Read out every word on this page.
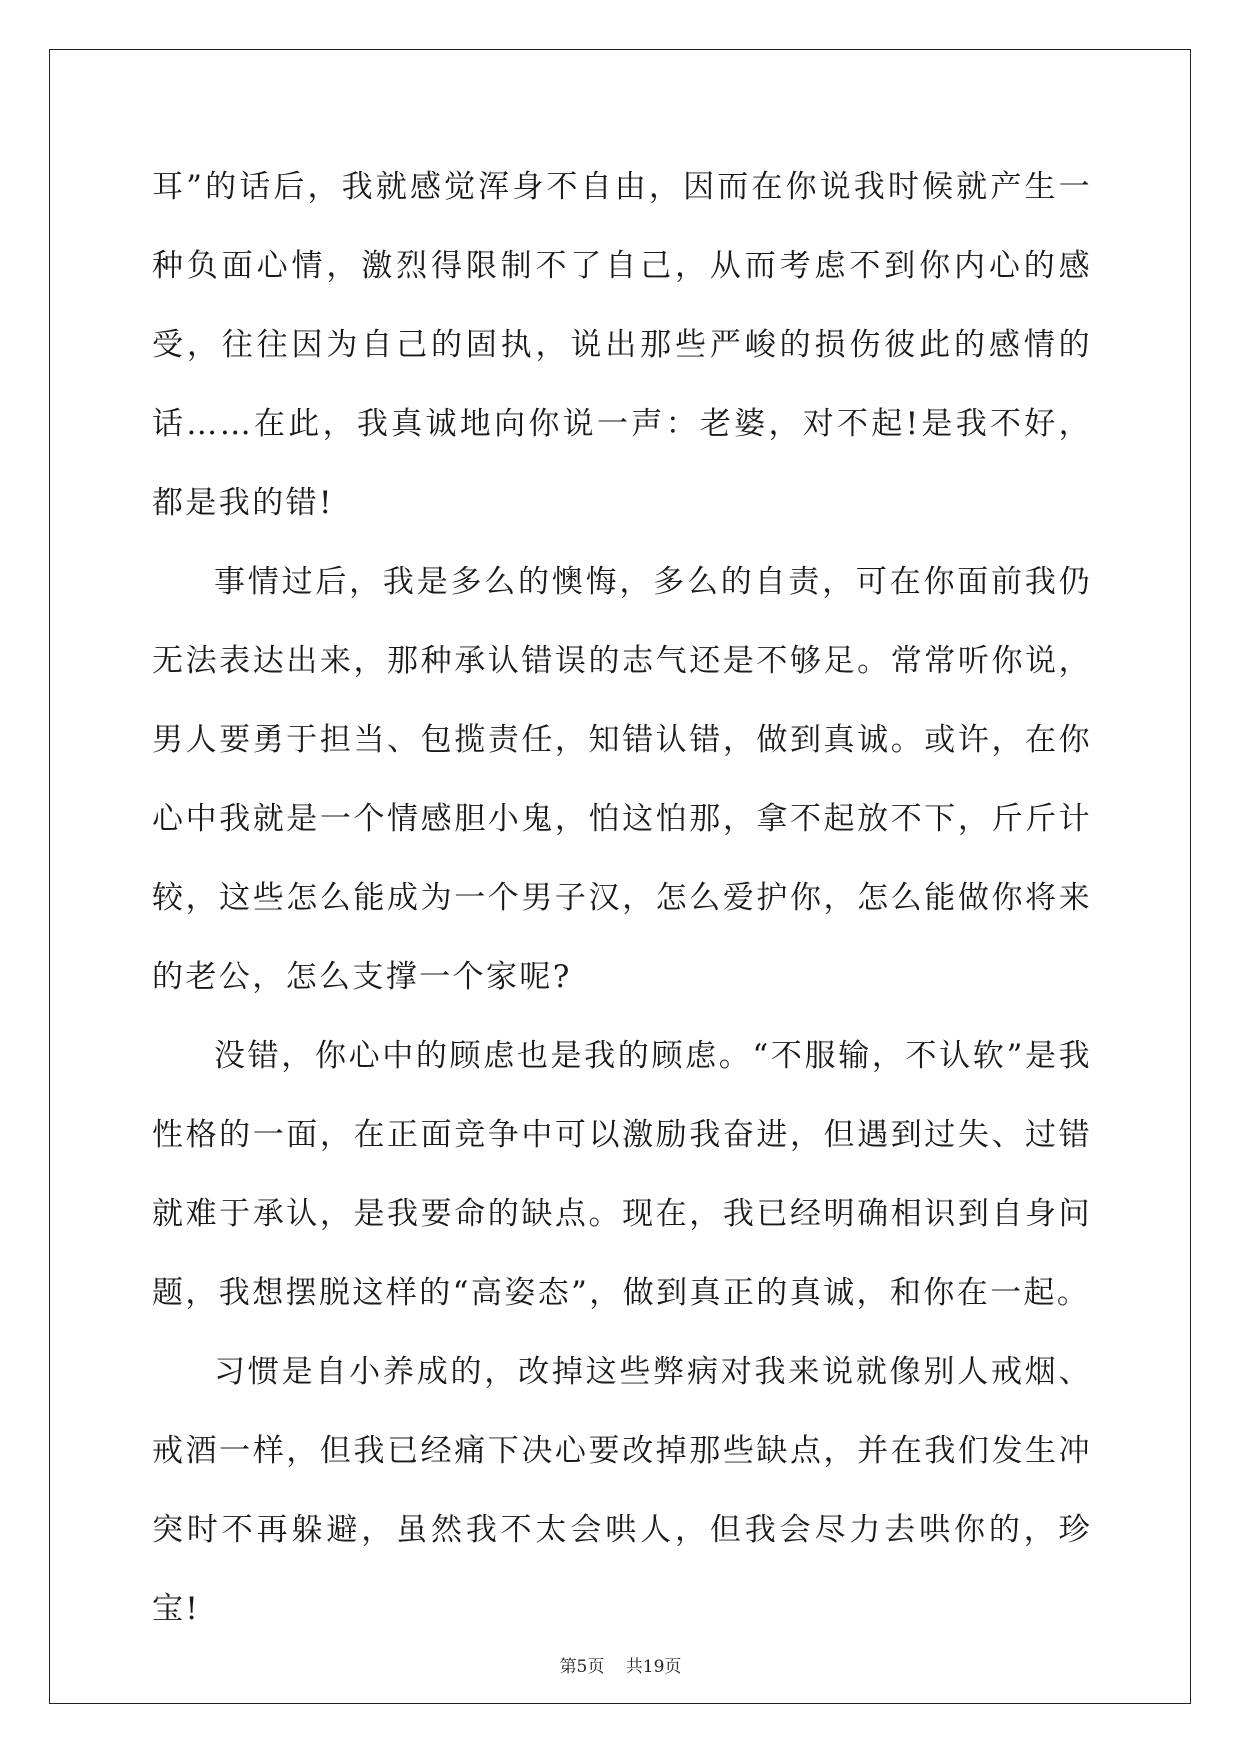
耳”的话后，我就感觉浑身不自由，因而在你说我时候就产生一种负面心情，激烈得限制不了自己，从而考虑不到你内心的感受，往往因为自己的固执，说出那些严峻的损伤彼此的感情的话……在此，我真诚地向你说一声：老婆，对不起!是我不好，都是我的错!

事情过后，我是多么的懊悔，多么的自责，可在你面前我仍无法表达出来，那种承认错误的志气还是不够足。常常听你说，男人要勇于担当、包揽责任，知错认错，做到真诚。或许，在你心中我就是一个情感胆小鬼，怕这怕那，拿不起放不下，斤斤计较，这些怎么能成为一个男子汉，怎么爱护你，怎么能做你将来的老公，怎么支撑一个家呢?

没错，你心中的顾虑也是我的顾虑。“不服输，不认软”是我性格的一面，在正面竞争中可以激励我奋进，但遇到过失、过错就难于承认，是我要命的缺点。现在，我已经明确相识到自身问题，我想摆脱这样的“高姿态”，做到真正的真诚，和你在一起。

习惯是自小养成的，改掉这些弊病对我来说就像别人戒烟、戒酒一样，但我已经痛下决心要改掉那些缺点，并在我们发生冲突时不再躲避，虽然我不太会哄人，但我会尽力去哄你的，珍宝!

第5页 共19页
